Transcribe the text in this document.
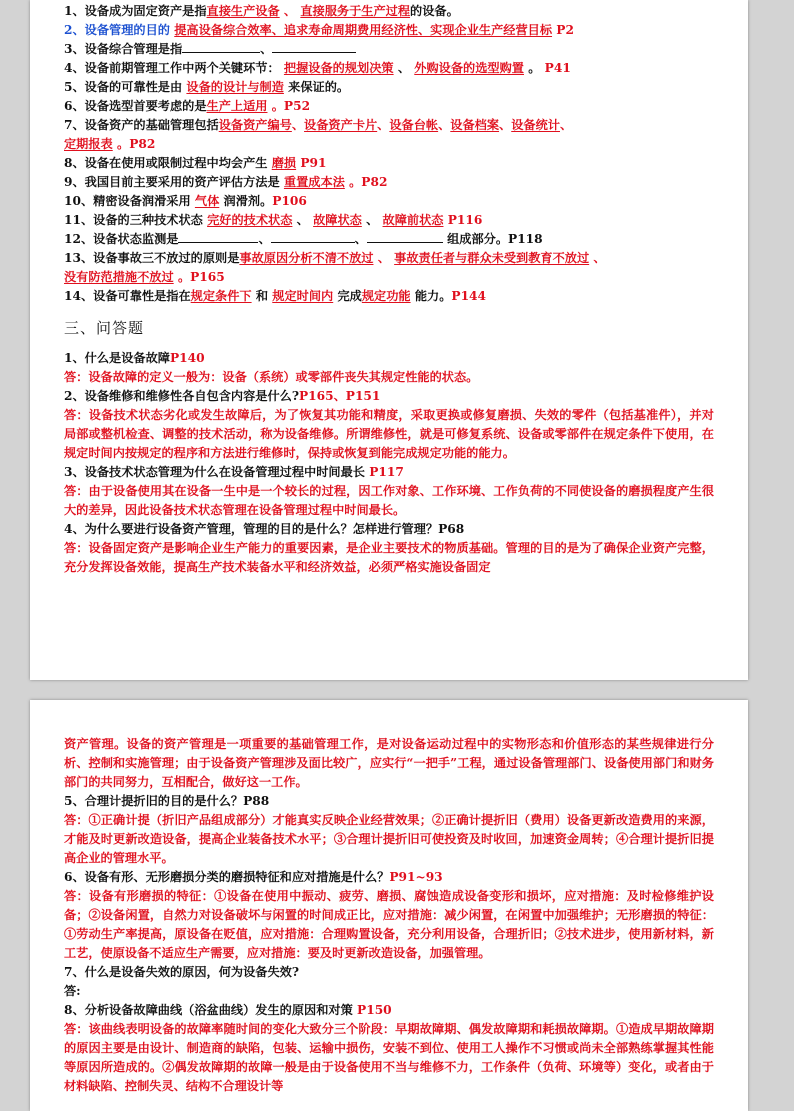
1、设备成为固定资产是指直接生产设备 、 直接服务于生产过程的设备。
2、设备管理的目的 提高设备综合效率、追求寿命周期费用经济性、实现企业生产经营目标 P2
3、设备综合管理是指	、
4、设备前期管理工作中两个关键环节： 把握设备的规划决策 、 外购设备的选型购置 。 P41
5、设备的可靠性是由 设备的设计与制造 来保证的。
6、设备选型首要考虑的是生产上适用 。P52
7、设备资产的基础管理包括设备资产编号、设备资产卡片、设备台帐、设备档案、设备统计、
定期报表 。P82
8、设备在使用或限制过程中均会产生 磨损 P91
9、我国目前主要采用的资产评估方法是 重置成本法 。P82
10、精密设备润滑采用 气体 润滑剂。P106
11、设备的三种技术状态 完好的技术状态 、 故障状态 、 故障前状态 P116
12、设备状态监测是	、	、	组成部分。P118
13、设备事故三不放过的原则是事故原因分析不清不放过 、 事故责任者与群众未受到教育不放过 、
没有防范措施不放过 。P165
14、设备可靠性是指在规定条件下 和 规定时间内 完成规定功能 能力。P144
三、问答题
1、什么是设备故障P140
答：设备故障的定义一般为：设备（系统）或零部件丧失其规定性能的状态。
2、设备维修和维修性各自包含内容是什么?P165、P151
答：设备技术状态劣化或发生故障后，为了恢复其功能和精度，采取更换或修复磨损、失效的零件（包括基准件），并对局部或整机检查、调整的技术活动，称为设备维修。所谓维修性，就是可修复系统、设备或零部件在规定条件下使用，在规定时间内按规定的程序和方法进行维修时，保持或恢复到能完成规定功能的能力。
3、设备技术状态管理为什么在设备管理过程中时间最长 P117
答：由于设备使用其在设备一生中是一个较长的过程，因工作对象、工作环境、工作负荷的不同使设备的磨损程度产生很大的差异，因此设备技术状态管理在设备管理过程中时间最长。
4、为什么要进行设备资产管理，管理的目的是什么？怎样进行管理？P68
答：设备固定资产是影响企业生产能力的重要因素，是企业主要技术的物质基础。管理的目的是为了确保企业资产完整，充分发挥设备效能，提高生产技术装备水平和经济效益，必须严格实施设备固定
资产管理。设备的资产管理是一项重要的基础管理工作，是对设备运动过程中的实物形态和价值形态的某些规律进行分析、控制和实施管理；由于设备资产管理涉及面比较广，应实行“一把手”工程，通过设备管理部门、设备使用部门和财务部门的共同努力，互相配合，做好这一工作。
5、合理计提折旧的目的是什么？P88
答：①正确计提（折旧产品组成部分）才能真实反映企业经营效果；②正确计提折旧（费用）设备更新改造费用的来源，才能及时更新改造设备，提高企业装备技术水平；③合理计提折旧可使投资及时收回，加速资金周转；④合理计提折旧提高企业的管理水平。
6、设备有形、无形磨损分类的磨损特征和应对措施是什么？P91~93
答：设备有形磨损的特征：①设备在使用中振动、疲劳、磨损、腐蚀造成设备变形和损坏，应对措施：及时检修维护设备；②设备闲置，自然力对设备破坏与闲置的时间成正比，应对措施：减少闲置，在闲置中加强维护；无形磨损的特征：①劳动生产率提高，原设备在贬值，应对措施：合理购置设备，充分利用设备，合理折旧；②技术进步，使用新材料，新工艺，使原设备不适应生产需要，应对措施：要及时更新改造设备，加强管理。
7、什么是设备失效的原因，何为设备失效?
答:
8、分析设备故障曲线（浴盆曲线）发生的原因和对策 P150
答：该曲线表明设备的故障率随时间的变化大致分三个阶段：早期故障期、偶发故障期和耗损故障期。①造成早期故障期的原因主要是由设计、制造商的缺陷，包装、运输中损伤，安装不到位、使用工人操作不习惯或尚未全部熟练掌握其性能等原因所造成的。②偶发故障期的故障一般是由于设备使用不当与维修不力，工作条件（负荷、环境等）变化，或者由于材料缺陷、控制失灵、结构不合理设计等
